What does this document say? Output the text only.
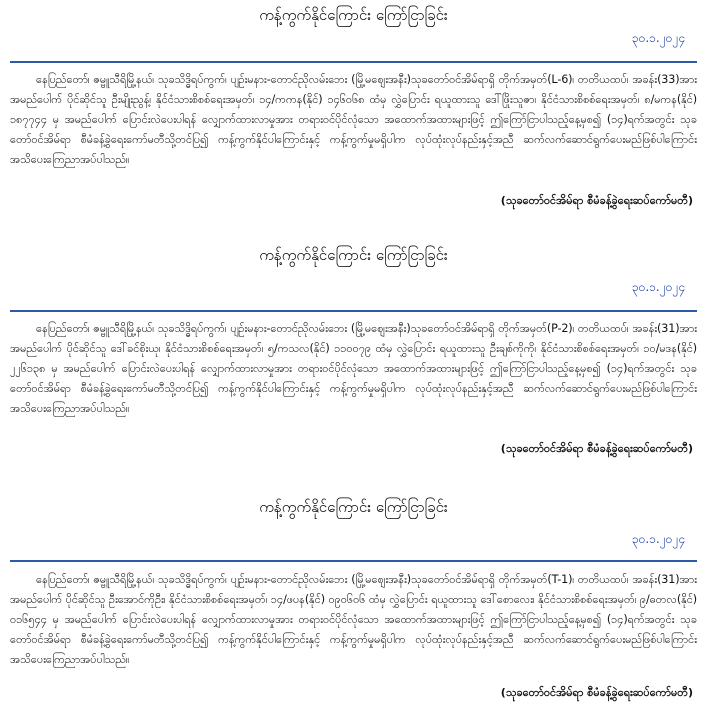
ကန့်ကွက်နိုင်ကြောင်း ကြော်ငြာခြင်း
၃၀.၁.၂၀၂၄
နေပြည်တော်၊ ဇမ္ဗူသီရိမြို့နယ်၊ သုခသိဒ္ဓိရပ်ကွက်၊ ပျဉ်းမနား-တောင်ညိုလမ်းဘေး (မြို့မဈေးအနီး)သုခတော်ဝင်အိမ်ရာရှိ တိုက်အမှတ်(L-6)၊ တတိယထပ်၊ အခန်း(33)အား အမည်ပေါက် ပိုင်ဆိုင်သူ ဦးမျိုးညွန့်၊ နိုင်ငံသားစိစစ်ရေးအမှတ်၊ ၁၄/ကကန(နိုင်) ၁၄၆၀၆၈ ထံမှ လွှဲပြောင်း ရယူထားသူ ဒေါ်ဖြိုးသူဇာ၊ နိုင်ငံသားစိစစ်ရေးအမှတ်၊ ၈/မကန(နိုင်) ၁၈၇၇၄၄ မှ အမည်ပေါက် ပြောင်းလဲပေးပါရန် လျှောက်ထားလာမှုအား တရားဝင်ပိုင်လုံသော အထောက်အထားများဖြင့် ဤကြော်ငြာပါသည့်နေ့မှစ၍ (၁၄)ရက်အတွင်း သုခတော်ဝင်အိမ်ရာ စီမံခန့်ခွဲရေးကော်မတီသို့တင်ပြ၍ ကန့်ကွက်နိုင်ပါကြောင်းနှင့် ကန့်ကွက်မှုမရှိပါက လုပ်ထုံးလုပ်နည်းနှင့်အညီ ဆက်လက်ဆောင်ရွက်ပေးမည်ဖြစ်ပါကြောင်း အသိပေးကြေညာအပ်ပါသည်။
(သုခတော်ဝင်အိမ်ရာ စီမံခန့်ခွဲရေးဆပ်ကော်မတီ)
ကန့်ကွက်နိုင်ကြောင်း ကြော်ငြာခြင်း
၃၀.၁.၂၀၂၄
နေပြည်တော်၊ ဇမ္ဗူသီရိမြို့နယ်၊ သုခသိဒ္ဓိရပ်ကွက်၊ ပျဉ်းမနား-တောင်ညိုလမ်းဘေး (မြို့မဈေးအနီး)သုခတော်ဝင်အိမ်ရာရှိ တိုက်အမှတ်(P-2)၊ တတိယထပ်၊ အခန်း(31)အား အမည်ပေါက် ပိုင်ဆိုင်သူ ဒေါ်ခင်စိုးယု၊ နိုင်ငံသားစိစစ်ရေးအမှတ်၊ ၅/ကသလ(နိုင်) ၁၁၀၀၇၉ ထံမှ လွှဲပြောင်း ရယူထားသူ ဦးချစ်ကိုကို၊ နိုင်ငံသားစိစစ်ရေးအမှတ်၊ ၁၀/မဒန(နိုင်) ၂၂၆၁၃၈ မှ အမည်ပေါက် ပြောင်းလဲပေးပါရန် လျှောက်ထားလာမှုအား တရားဝင်ပိုင်လုံသော အထောက်အထားများဖြင့် ဤကြော်ငြာပါသည့်နေ့မှစ၍ (၁၄)ရက်အတွင်း သုခတော်ဝင်အိမ်ရာ စီမံခန့်ခွဲရေးကော်မတီသို့တင်ပြ၍ ကန့်ကွက်နိုင်ပါကြောင်းနှင့် ကန့်ကွက်မှုမရှိပါက လုပ်ထုံးလုပ်နည်းနှင့်အညီ ဆက်လက်ဆောင်ရွက်ပေးမည်ဖြစ်ပါကြောင်း အသိပေးကြေညာအပ်ပါသည်။
(သုခတော်ဝင်အိမ်ရာ စီမံခန့်ခွဲရေးဆပ်ကော်မတီ)
ကန့်ကွက်နိုင်ကြောင်း ကြော်ငြာခြင်း
၃၀.၁.၂၀၂၄
နေပြည်တော်၊ ဇမ္ဗူသီရိမြို့နယ်၊ သုခသိဒ္ဓိရပ်ကွက်၊ ပျဉ်းမနား-တောင်ညိုလမ်းဘေး (မြို့မဈေးအနီး)သုခတော်ဝင်အိမ်ရာရှိ တိုက်အမှတ်(T-1)၊ တတိယထပ်၊ အခန်း(31)အား အမည်ပေါက် ပိုင်ဆိုင်သူ ဦးအောင်ကိုဦး၊ နိုင်ငံသားစိစစ်ရေးအမှတ်၊ ၁၄/ဖပန(နိုင်) ၀၉၀၆၀၆ ထံမှ လွှဲပြောင်း ရယူထားသူ ဒေါ်စောလေး၊ နိုင်ငံသားစိစစ်ရေးအမှတ်၊ ၉/ဓတလ(နိုင်) ၀၁၆၅၄၄ မှ အမည်ပေါက် ပြောင်းလဲပေးပါရန် လျှောက်ထားလာမှုအား တရားဝင်ပိုင်လုံသော အထောက်အထားများဖြင့် ဤကြော်ငြာပါသည့်နေ့မှစ၍ (၁၄)ရက်အတွင်း သုခတော်ဝင်အိမ်ရာ စီမံခန့်ခွဲရေးကော်မတီသို့တင်ပြ၍ ကန့်ကွက်နိုင်ပါကြောင်းနှင့် ကန့်ကွက်မှုမရှိပါက လုပ်ထုံးလုပ်နည်းနှင့်အညီ ဆက်လက်ဆောင်ရွက်ပေးမည်ဖြစ်ပါကြောင်း အသိပေးကြေညာအပ်ပါသည်။
(သုခတော်ဝင်အိမ်ရာ စီမံခန့်ခွဲရေးဆပ်ကော်မတီ)
